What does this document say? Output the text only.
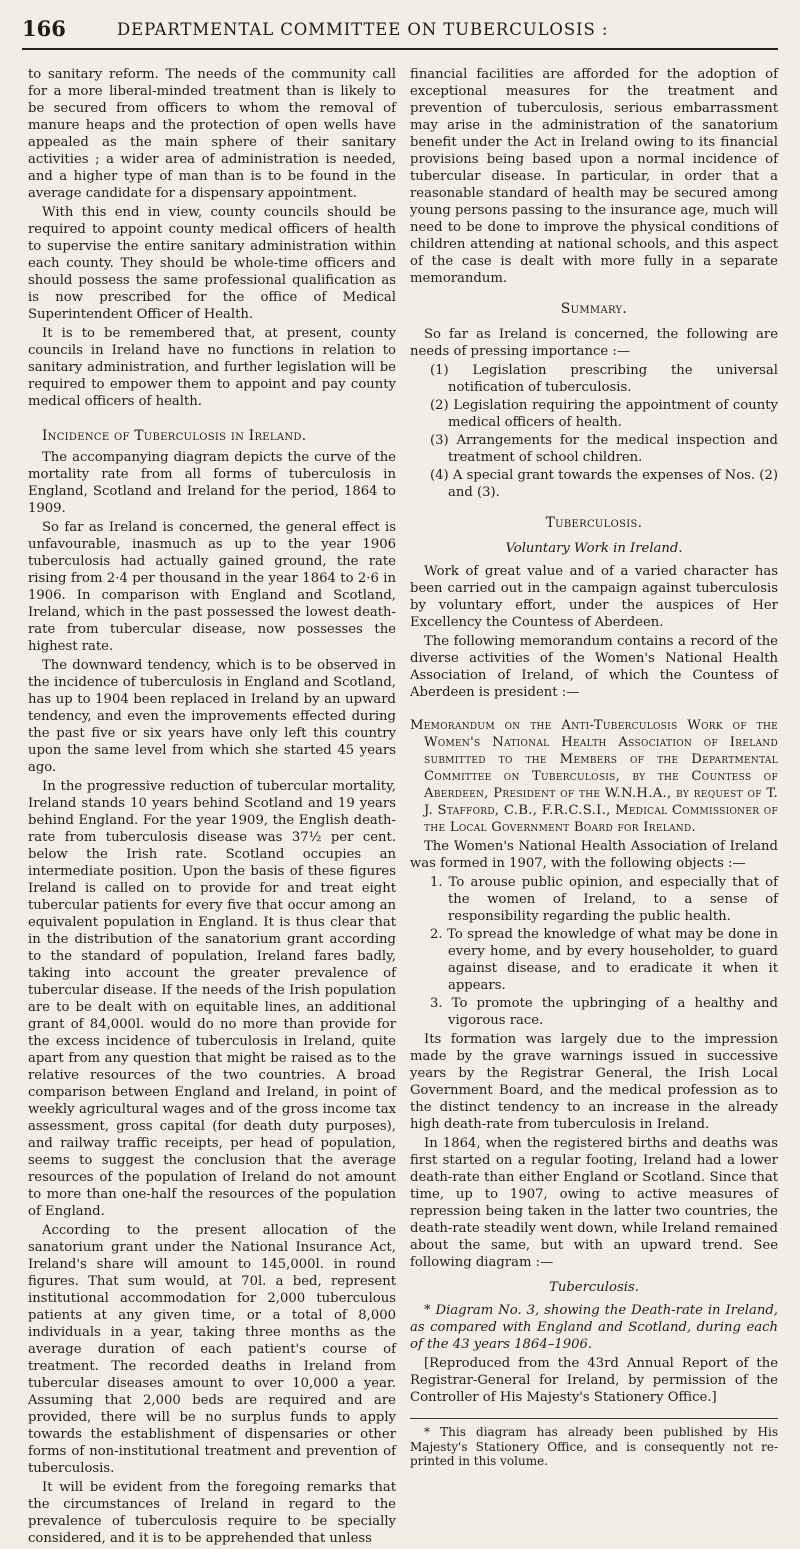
166	DEPARTMENTAL COMMITTEE ON TUBERCULOSIS :

to sanitary reform. The needs of the community call for a more liberal-minded treatment than is likely to be secured from officers to whom the removal of manure heaps and the protection of open wells have appealed as the main sphere of their sanitary activities ; a wider area of administration is needed, and a higher type of man than is to be found in the average candidate for a dispensary appointment.

With this end in view, county councils should be required to appoint county medical officers of health to supervise the entire sanitary administration within each county. They should be whole-time officers and should possess the same professional qualification as is now prescribed for the office of Medical Superintendent Officer of Health.

It is to be remembered that, at present, county councils in Ireland have no functions in relation to sanitary administration, and further legislation will be required to empower them to appoint and pay county medical officers of health.

Incidence of Tuberculosis in Ireland.

The accompanying diagram depicts the curve of the mortality rate from all forms of tuberculosis in England, Scotland and Ireland for the period, 1864 to 1909.

So far as Ireland is concerned, the general effect is unfavourable, inasmuch as up to the year 1906 tuberculosis had actually gained ground, the rate rising from 2·4 per thousand in the year 1864 to 2·6 in 1906. In comparison with England and Scotland, Ireland, which in the past possessed the lowest death-rate from tubercular disease, now possesses the highest rate.

The downward tendency, which is to be observed in the incidence of tuberculosis in England and Scotland, has up to 1904 been replaced in Ireland by an upward tendency, and even the improvements effected during the past five or six years have only left this country upon the same level from which she started 45 years ago.

In the progressive reduction of tubercular mortality, Ireland stands 10 years behind Scotland and 19 years behind England. For the year 1909, the English death-rate from tuberculosis disease was 37½ per cent. below the Irish rate. Scotland occupies an intermediate position. Upon the basis of these figures Ireland is called on to provide for and treat eight tubercular patients for every five that occur among an equivalent population in England. It is thus clear that in the distribution of the sanatorium grant according to the standard of population, Ireland fares badly, taking into account the greater prevalence of tubercular disease. If the needs of the Irish population are to be dealt with on equitable lines, an additional grant of 84,000l. would do no more than provide for the excess incidence of tuberculosis in Ireland, quite apart from any question that might be raised as to the relative resources of the two countries. A broad comparison between England and Ireland, in point of weekly agricultural wages and of the gross income tax assessment, gross capital (for death duty purposes), and railway traffic receipts, per head of population, seems to suggest the conclusion that the average resources of the population of Ireland do not amount to more than one-half the resources of the population of England.

According to the present allocation of the sanatorium grant under the National Insurance Act, Ireland's share will amount to 145,000l. in round figures. That sum would, at 70l. a bed, represent institutional accommodation for 2,000 tuberculous patients at any given time, or a total of 8,000 individuals in a year, taking three months as the average duration of each patient's course of treatment. The recorded deaths in Ireland from tubercular diseases amount to over 10,000 a year. Assuming that 2,000 beds are required and are provided, there will be no surplus funds to apply towards the establishment of dispensaries or other forms of non-institutional treatment and prevention of tuberculosis.

It will be evident from the foregoing remarks that the circumstances of Ireland in regard to the prevalence of tuberculosis require to be specially considered, and it is to be apprehended that unless

financial facilities are afforded for the adoption of exceptional measures for the treatment and prevention of tuberculosis, serious embarrassment may arise in the administration of the sanatorium benefit under the Act in Ireland owing to its financial provisions being based upon a normal incidence of tubercular disease. In particular, in order that a reasonable standard of health may be secured among young persons passing to the insurance age, much will need to be done to improve the physical conditions of children attending at national schools, and this aspect of the case is dealt with more fully in a separate memorandum.

Summary.

So far as Ireland is concerned, the following are needs of pressing importance :—

(1) Legislation prescribing the universal notification of tuberculosis.
(2) Legislation requiring the appointment of county medical officers of health.
(3) Arrangements for the medical inspection and treatment of school children.
(4) A special grant towards the expenses of Nos. (2) and (3).
Tuberculosis.
Voluntary Work in Ireland.

Work of great value and of a varied character has been carried out in the campaign against tuberculosis by voluntary effort, under the auspices of Her Excellency the Countess of Aberdeen.

The following memorandum contains a record of the diverse activities of the Women's National Health Association of Ireland, of which the Countess of Aberdeen is president :—

Memorandum on the Anti-Tuberculosis Work of the Women's National Health Association of Ireland submitted to the Members of the Departmental Committee on Tuberculosis, by the Countess of Aberdeen, President of the W.N.H.A., by request of T. J. Stafford, C.B., F.R.C.S.I., Medical Commissioner of the Local Government Board for Ireland.

The Women's National Health Association of Ireland was formed in 1907, with the following objects :—

1. To arouse public opinion, and especially that of the women of Ireland, to a sense of responsibility regarding the public health.
2. To spread the knowledge of what may be done in every home, and by every householder, to guard against disease, and to eradicate it when it appears.
3. To promote the upbringing of a healthy and vigorous race.

Its formation was largely due to the impression made by the grave warnings issued in successive years by the Registrar General, the Irish Local Government Board, and the medical profession as to the distinct tendency to an increase in the already high death-rate from tuberculosis in Ireland.

In 1864, when the registered births and deaths was first started on a regular footing, Ireland had a lower death-rate than either England or Scotland. Since that time, up to 1907, owing to active measures of repression being taken in the latter two countries, the death-rate steadily went down, while Ireland remained about the same, but with an upward trend. See following diagram :—

Tuberculosis.

* Diagram No. 3, showing the Death-rate in Ireland, as compared with England and Scotland, during each of the 43 years 1864–1906.

[Reproduced from the 43rd Annual Report of the Registrar-General for Ireland, by permission of the Controller of His Majesty's Stationery Office.]

* This diagram has already been published by His Majesty's Stationery Office, and is consequently not re-printed in this volume.
